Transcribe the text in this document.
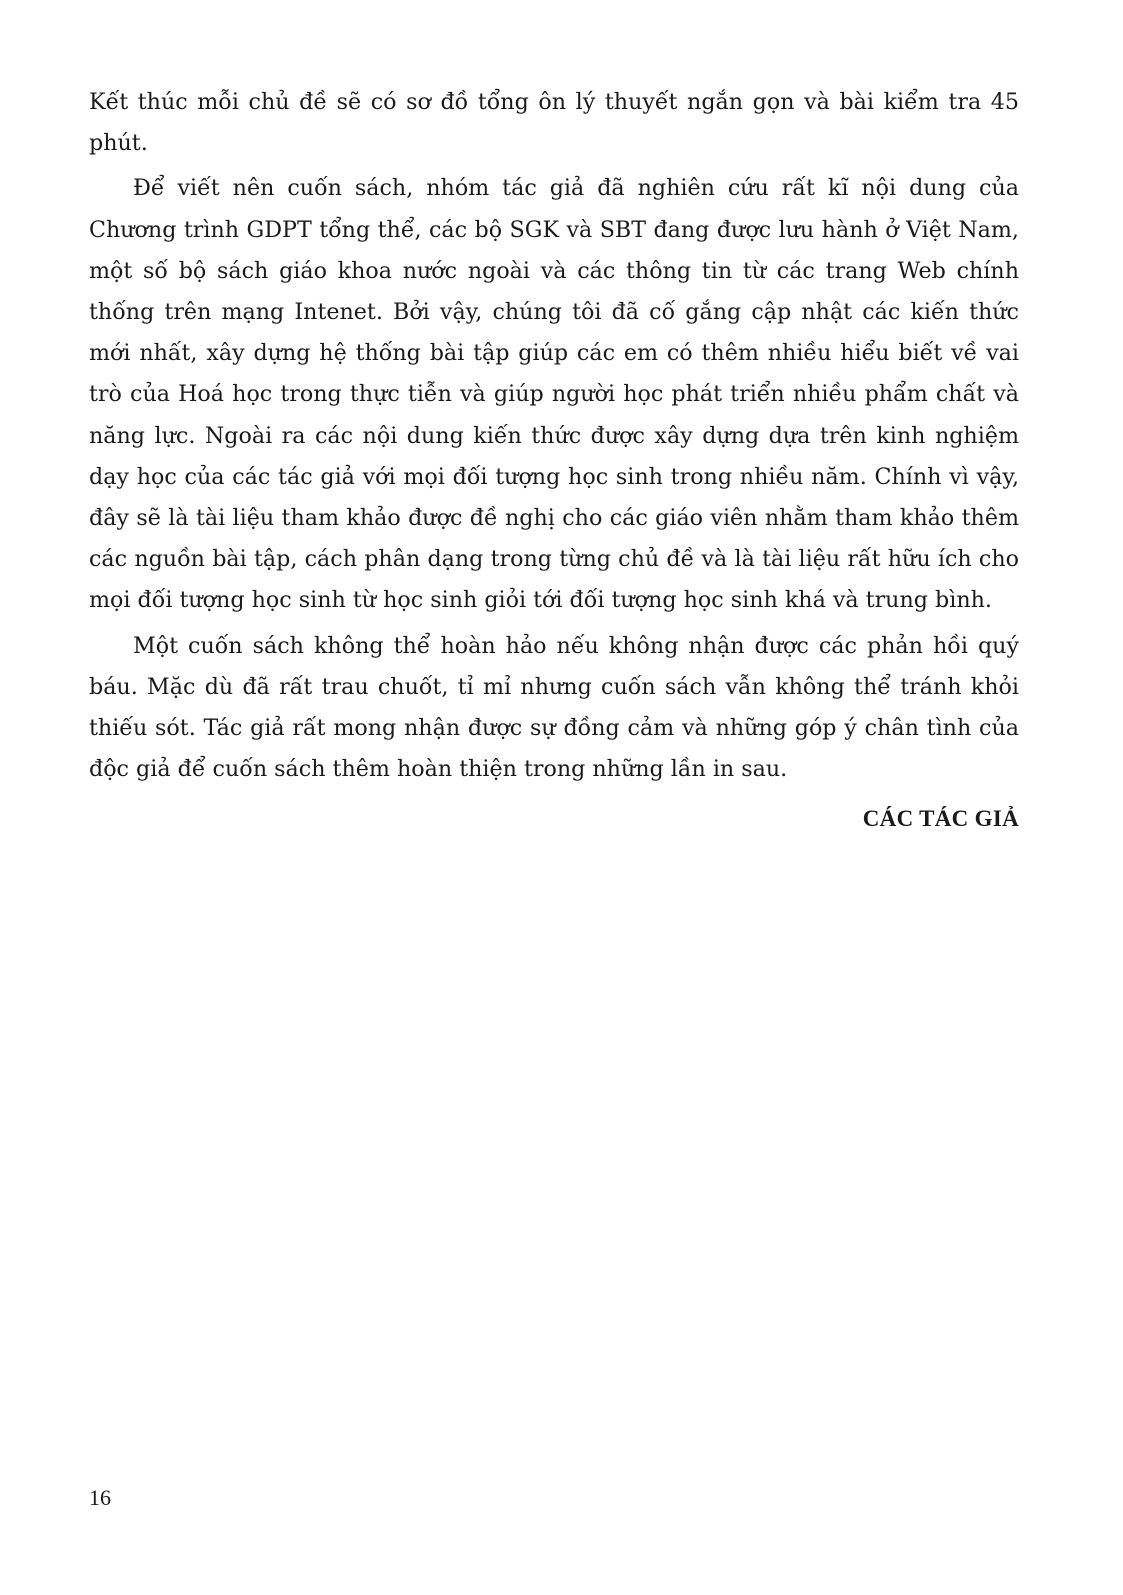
Kết thúc mỗi chủ đề sẽ có sơ đồ tổng ôn lý thuyết ngắn gọn và bài kiểm tra 45 phút.

Để viết nên cuốn sách, nhóm tác giả đã nghiên cứu rất kĩ nội dung của Chương trình GDPT tổng thể, các bộ SGK và SBT đang được lưu hành ở Việt Nam, một số bộ sách giáo khoa nước ngoài và các thông tin từ các trang Web chính thống trên mạng Intenet. Bởi vậy, chúng tôi đã cố gắng cập nhật các kiến thức mới nhất, xây dựng hệ thống bài tập giúp các em có thêm nhiều hiểu biết về vai trò của Hoá học trong thực tiễn và giúp người học phát triển nhiều phẩm chất và năng lực. Ngoài ra các nội dung kiến thức được xây dựng dựa trên kinh nghiệm dạy học của các tác giả với mọi đối tượng học sinh trong nhiều năm. Chính vì vậy, đây sẽ là tài liệu tham khảo được đề nghị cho các giáo viên nhằm tham khảo thêm các nguồn bài tập, cách phân dạng trong từng chủ đề và là tài liệu rất hữu ích cho mọi đối tượng học sinh từ học sinh giỏi tới đối tượng học sinh khá và trung bình.

Một cuốn sách không thể hoàn hảo nếu không nhận được các phản hồi quý báu. Mặc dù đã rất trau chuốt, tỉ mỉ nhưng cuốn sách vẫn không thể tránh khỏi thiếu sót. Tác giả rất mong nhận được sự đồng cảm và những góp ý chân tình của độc giả để cuốn sách thêm hoàn thiện trong những lần in sau.

CÁC TÁC GIẢ
16
